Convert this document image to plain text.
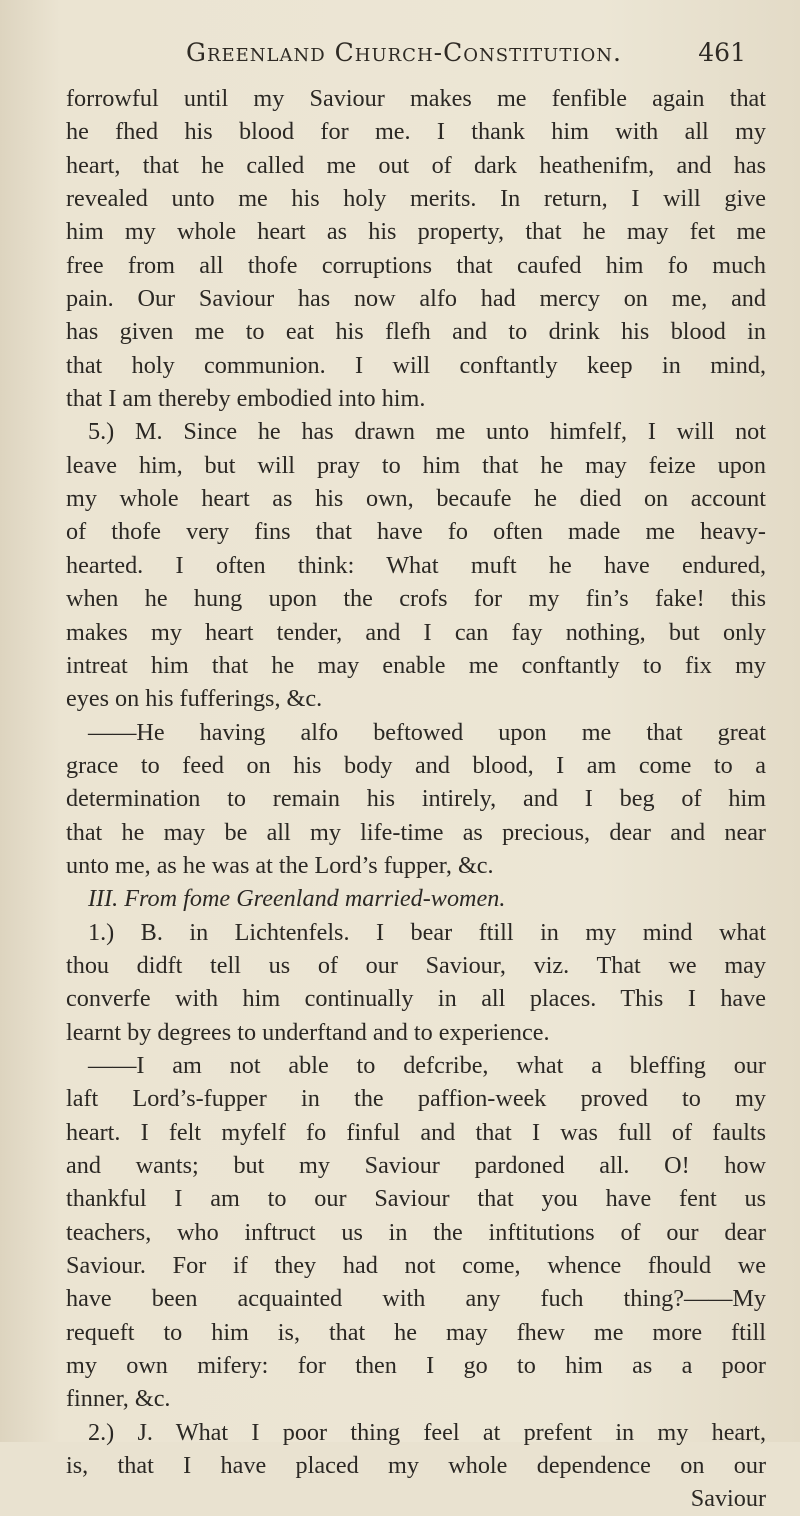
Greenland Church-Constitution.	461
forrowful until my Saviour makes me fenfible again that
he fhed his blood for me. I thank him with all my
heart, that he called me out of dark heathenifm, and has
revealed unto me his holy merits. In return, I will give
him my whole heart as his property, that he may fet me
free from all thofe corruptions that caufed him fo much
pain. Our Saviour has now alfo had mercy on me, and
has given me to eat his flefh and to drink his blood in
that holy communion. I will conftantly keep in mind,
that I am thereby embodied into him.
5.) M. Since he has drawn me unto himfelf, I will not
leave him, but will pray to him that he may feize upon
my whole heart as his own, becaufe he died on account
of thofe very fins that have fo often made me heavy-
hearted. I often think: What muft he have endured,
when he hung upon the crofs for my fin’s fake! this
makes my heart tender, and I can fay nothing, but only
intreat him that he may enable me conftantly to fix my
eyes on his fufferings, &c.
——He having alfo beftowed upon me that great
grace to feed on his body and blood, I am come to a
determination to remain his intirely, and I beg of him
that he may be all my life-time as precious, dear and near
unto me, as he was at the Lord’s fupper, &c.
III. From fome Greenland married-women.
1.) B. in Lichtenfels. I bear ftill in my mind what
thou didft tell us of our Saviour, viz. That we may
converfe with him continually in all places. This I have
learnt by degrees to underftand and to experience.
——I am not able to defcribe, what a bleffing our
laft Lord’s-fupper in the paffion-week proved to my
heart. I felt myfelf fo finful and that I was full of faults
and wants; but my Saviour pardoned all. O! how
thankful I am to our Saviour that you have fent us
teachers, who inftruct us in the inftitutions of our dear
Saviour. For if they had not come, whence fhould we
have been acquainted with any fuch thing?——My
requeft to him is, that he may fhew me more ftill
my own mifery: for then I go to him as a poor
finner, &c.
2.) J. What I poor thing feel at prefent in my heart,
is, that I have placed my whole dependence on our
Saviour
